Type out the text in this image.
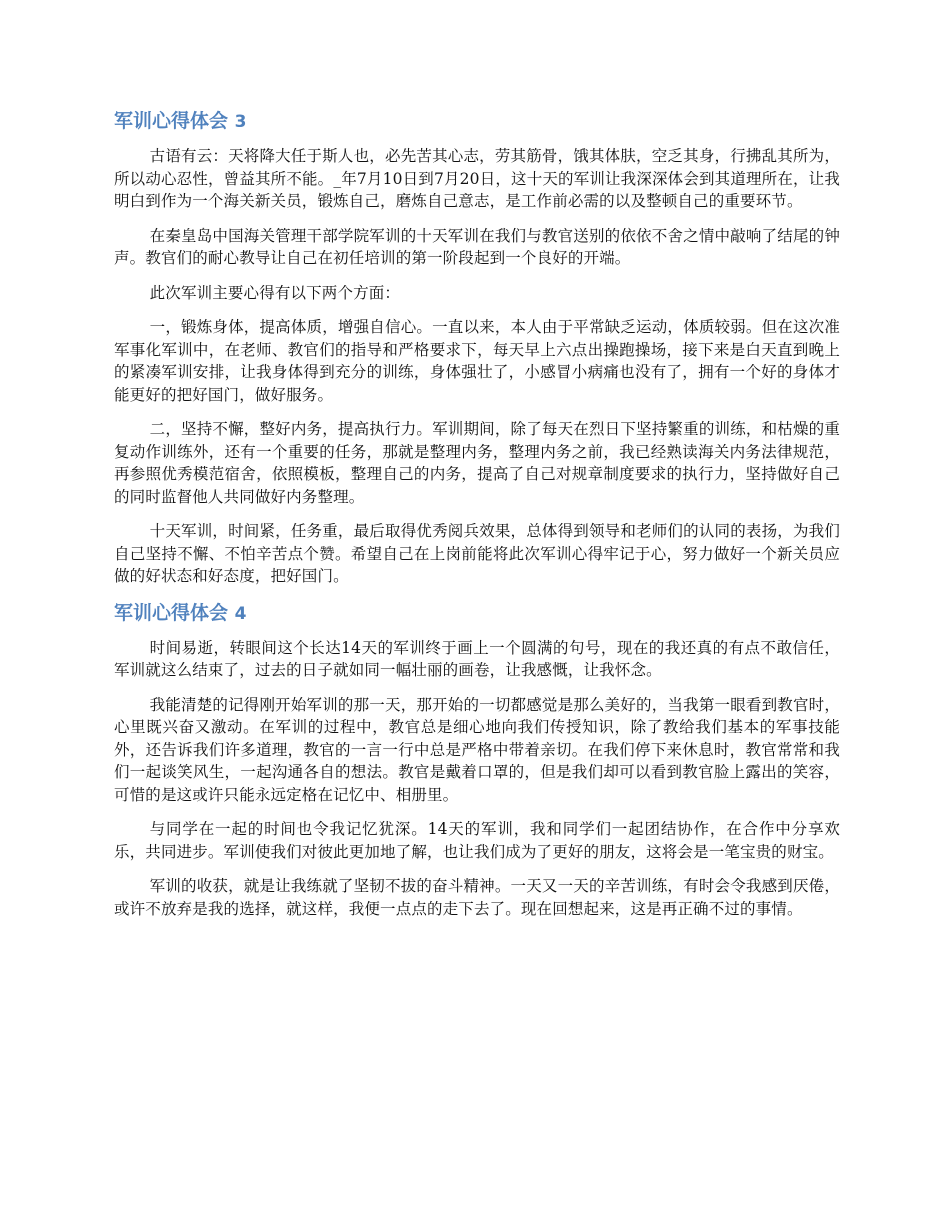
军训心得体会 3

古语有云：天将降大任于斯人也，必先苦其心志，劳其筋骨，饿其体肤，空乏其身，行拂乱其所为，所以动心忍性，曾益其所不能。_年7月10日到7月20日，这十天的军训让我深深体会到其道理所在，让我明白到作为一个海关新关员，锻炼自己，磨炼自己意志，是工作前必需的以及整顿自己的重要环节。

在秦皇岛中国海关管理干部学院军训的十天军训在我们与教官送别的依依不舍之情中敲响了结尾的钟声。教官们的耐心教导让自己在初任培训的第一阶段起到一个良好的开端。

此次军训主要心得有以下两个方面：

一，锻炼身体，提高体质，增强自信心。一直以来，本人由于平常缺乏运动，体质较弱。但在这次准军事化军训中，在老师、教官们的指导和严格要求下，每天早上六点出操跑操场，接下来是白天直到晚上的紧凑军训安排，让我身体得到充分的训练，身体强壮了，小感冒小病痛也没有了，拥有一个好的身体才能更好的把好国门，做好服务。

二，坚持不懈，整好内务，提高执行力。军训期间，除了每天在烈日下坚持繁重的训练，和枯燥的重复动作训练外，还有一个重要的任务，那就是整理内务，整理内务之前，我已经熟读海关内务法律规范，再参照优秀模范宿舍，依照模板，整理自己的内务，提高了自己对规章制度要求的执行力，坚持做好自己的同时监督他人共同做好内务整理。

十天军训，时间紧，任务重，最后取得优秀阅兵效果，总体得到领导和老师们的认同的表扬，为我们自己坚持不懈、不怕辛苦点个赞。希望自己在上岗前能将此次军训心得牢记于心，努力做好一个新关员应做的好状态和好态度，把好国门。

军训心得体会 4

时间易逝，转眼间这个长达14天的军训终于画上一个圆满的句号，现在的我还真的有点不敢信任，军训就这么结束了，过去的日子就如同一幅壮丽的画卷，让我感慨，让我怀念。

我能清楚的记得刚开始军训的那一天，那开始的一切都感觉是那么美好的，当我第一眼看到教官时，心里既兴奋又激动。在军训的过程中，教官总是细心地向我们传授知识，除了教给我们基本的军事技能外，还告诉我们许多道理，教官的一言一行中总是严格中带着亲切。在我们停下来休息时，教官常常和我们一起谈笑风生，一起沟通各自的想法。教官是戴着口罩的，但是我们却可以看到教官脸上露出的笑容，可惜的是这或许只能永远定格在记忆中、相册里。

与同学在一起的时间也令我记忆犹深。14天的军训，我和同学们一起团结协作，在合作中分享欢乐，共同进步。军训使我们对彼此更加地了解，也让我们成为了更好的朋友，这将会是一笔宝贵的财宝。

军训的收获，就是让我练就了坚韧不拔的奋斗精神。一天又一天的辛苦训练，有时会令我感到厌倦，或许不放弃是我的选择，就这样，我便一点点的走下去了。现在回想起来，这是再正确不过的事情。
